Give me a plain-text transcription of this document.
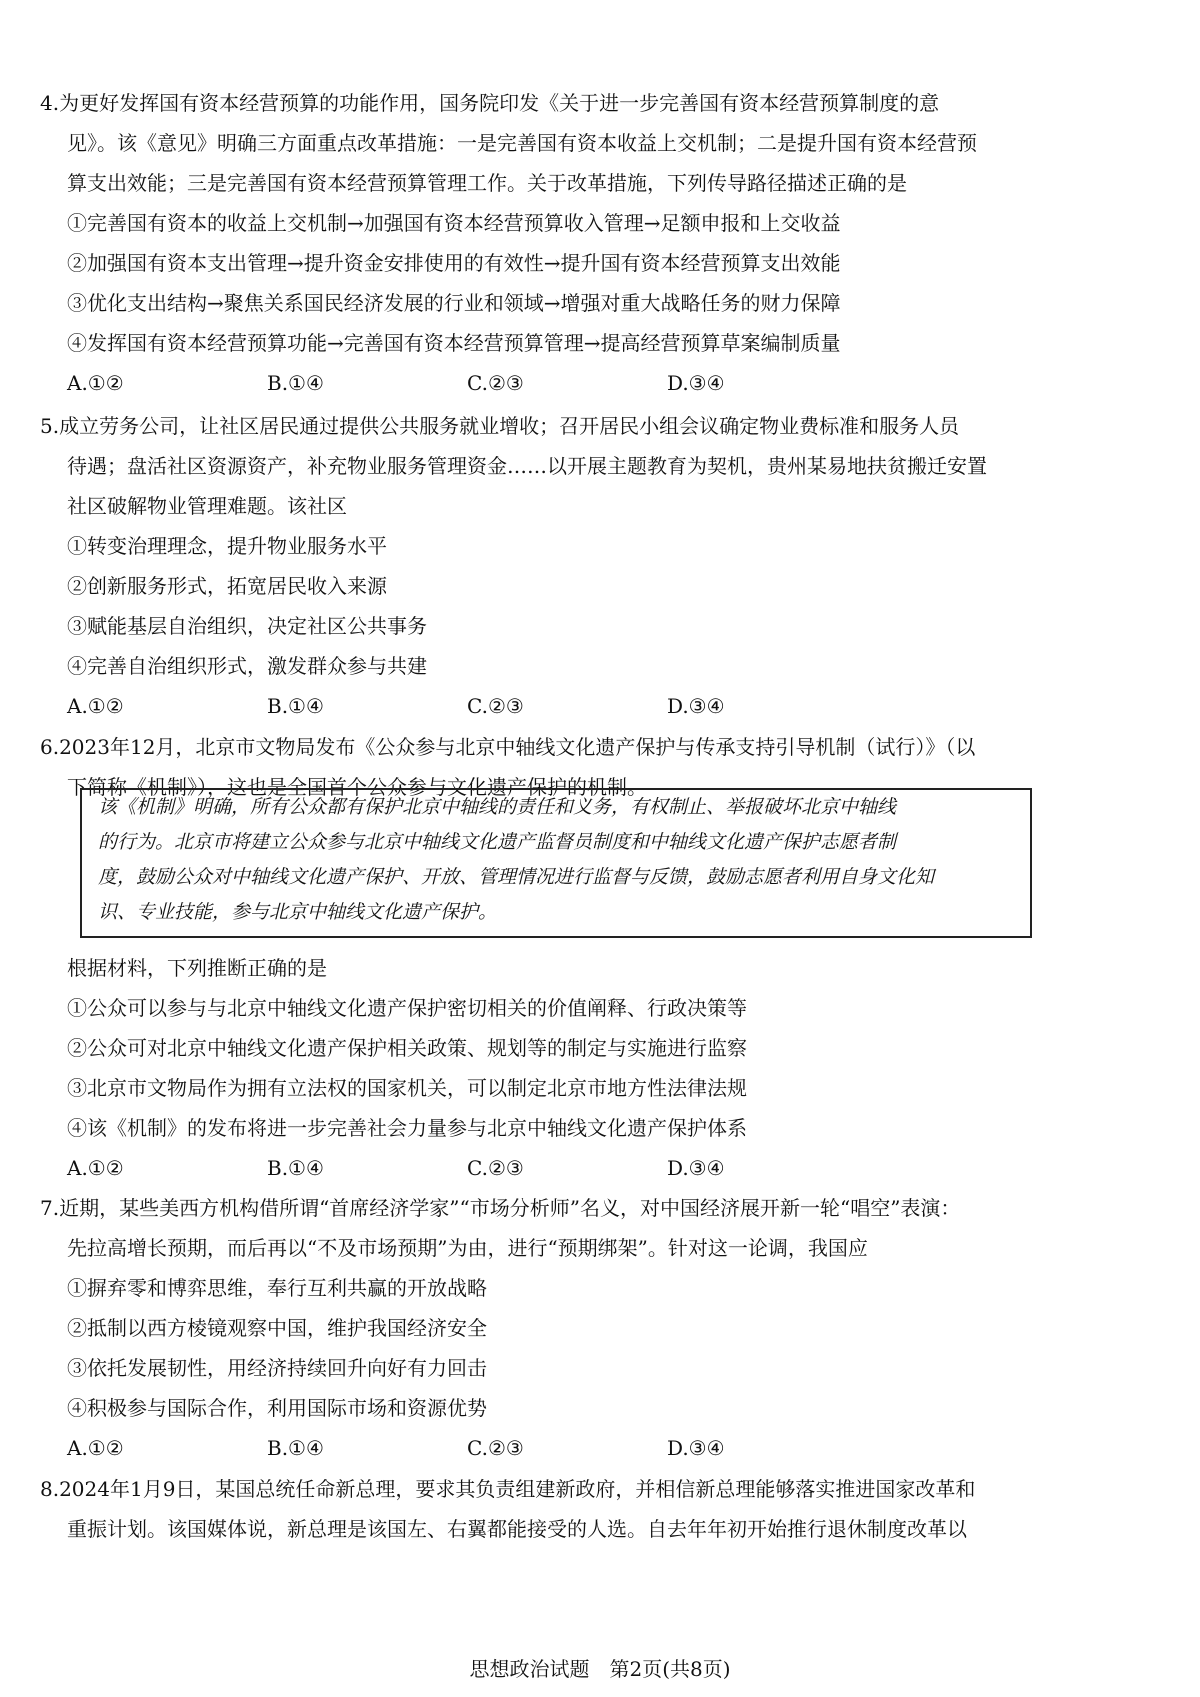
4.为更好发挥国有资本经营预算的功能作用，国务院印发《关于进一步完善国有资本经营预算制度的意
见》。该《意见》明确三方面重点改革措施：一是完善国有资本收益上交机制；二是提升国有资本经营预
算支出效能；三是完善国有资本经营预算管理工作。关于改革措施，下列传导路径描述正确的是
①完善国有资本的收益上交机制→加强国有资本经营预算收入管理→足额申报和上交收益
②加强国有资本支出管理→提升资金安排使用的有效性→提升国有资本经营预算支出效能
③优化支出结构→聚焦关系国民经济发展的行业和领域→增强对重大战略任务的财力保障
④发挥国有资本经营预算功能→完善国有资本经营预算管理→提高经营预算草案编制质量
A.①②	B.①④	C.②③	D.③④
5.成立劳务公司，让社区居民通过提供公共服务就业增收；召开居民小组会议确定物业费标准和服务人员
待遇；盘活社区资源资产，补充物业服务管理资金……以开展主题教育为契机，贵州某易地扶贫搬迁安置
社区破解物业管理难题。该社区
①转变治理理念，提升物业服务水平
②创新服务形式，拓宽居民收入来源
③赋能基层自治组织，决定社区公共事务
④完善自治组织形式，激发群众参与共建
A.①②	B.①④	C.②③	D.③④
6.2023年12月，北京市文物局发布《公众参与北京中轴线文化遗产保护与传承支持引导机制（试行）》（以
下简称《机制》），这也是全国首个公众参与文化遗产保护的机制。
该《机制》明确，所有公众都有保护北京中轴线的责任和义务，有权制止、举报破坏北京中轴线
的行为。北京市将建立公众参与北京中轴线文化遗产监督员制度和中轴线文化遗产保护志愿者制
度，鼓励公众对中轴线文化遗产保护、开放、管理情况进行监督与反馈，鼓励志愿者利用自身文化知
识、专业技能，参与北京中轴线文化遗产保护。
根据材料，下列推断正确的是
①公众可以参与与北京中轴线文化遗产保护密切相关的价值阐释、行政决策等
②公众可对北京中轴线文化遗产保护相关政策、规划等的制定与实施进行监察
③北京市文物局作为拥有立法权的国家机关，可以制定北京市地方性法律法规
④该《机制》的发布将进一步完善社会力量参与北京中轴线文化遗产保护体系
A.①②	B.①④	C.②③	D.③④
7.近期，某些美西方机构借所谓“首席经济学家”“市场分析师”名义，对中国经济展开新一轮“唱空”表演：
先拉高增长预期，而后再以“不及市场预期”为由，进行“预期绑架”。针对这一论调，我国应
①摒弃零和博弈思维，奉行互利共赢的开放战略
②抵制以西方棱镜观察中国，维护我国经济安全
③依托发展韧性，用经济持续回升向好有力回击
④积极参与国际合作，利用国际市场和资源优势
A.①②	B.①④	C.②③	D.③④
8.2024年1月9日，某国总统任命新总理，要求其负责组建新政府，并相信新总理能够落实推进国家改革和
重振计划。该国媒体说，新总理是该国左、右翼都能接受的人选。自去年年初开始推行退休制度改革以
思想政治试题　第2页(共8页)
